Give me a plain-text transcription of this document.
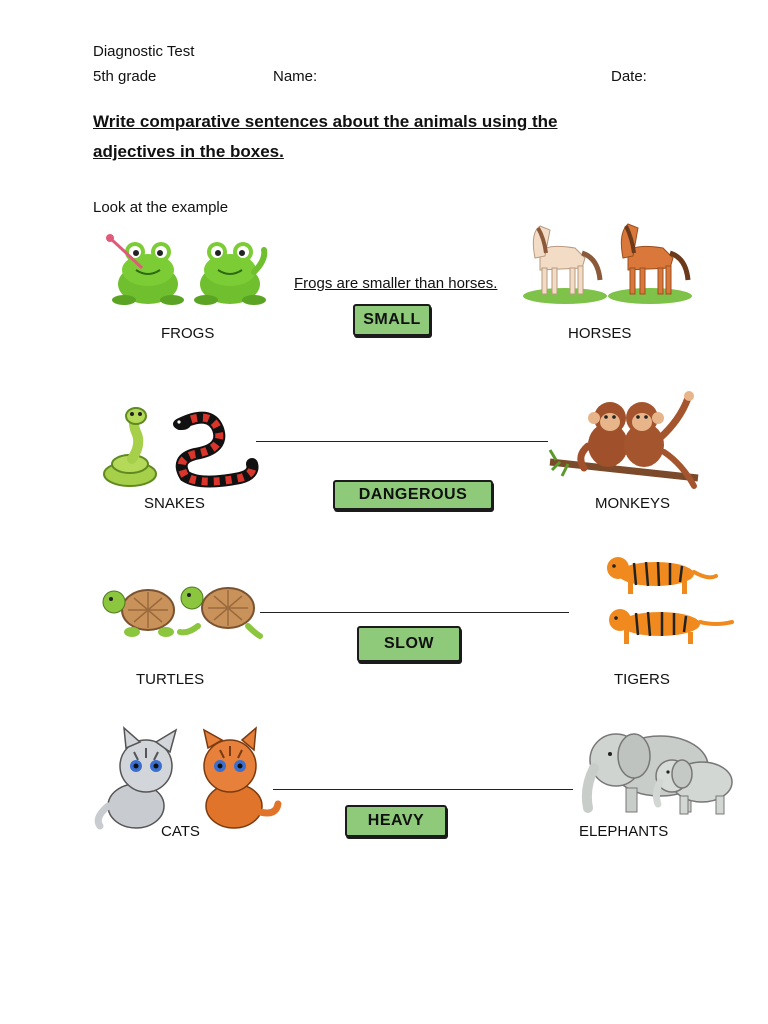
Diagnostic Test
5th grade	Name:	Date:
Write comparative sentences about the animals using the
adjectives in the boxes.
Look at the example
Frogs are smaller than horses.
SMALL
FROGS	HORSES
DANGEROUS
SNAKES	MONKEYS
SLOW
TURTLES	TIGERS
HEAVY
CATS	ELEPHANTS
